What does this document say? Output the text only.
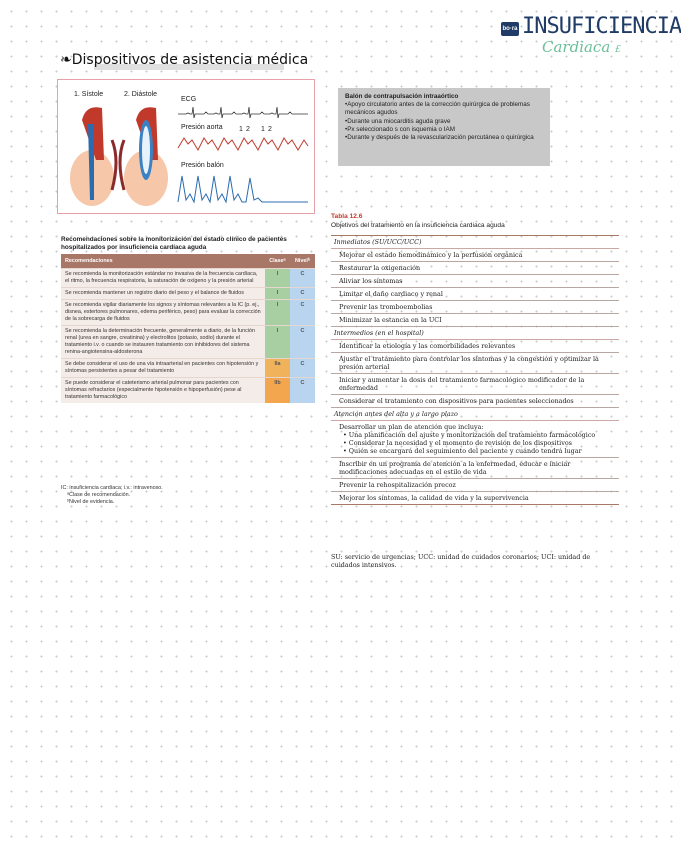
bo·ra INSUFICIENCIA
Cardiaca £
❧Dispositivos de asistencia médica
1. Sístole	2. Diástole
ECG
Presión aorta 1 2 1 2
Presión balón
Balón de contrapulsación intraaórtico
•Apoyo circulatorio antes de la corrección quirúrgica de problemas mecánicos agudos
•Durante una miocarditis aguda grave
•Px seleccionado s con isquemia o IAM
•Durante y después de la revascularización percutánea o quirúrgica
Recomendaciones sobre la monitorización del estado clínico de pacientes hospitalizados por insuficiencia cardíaca aguda
Recomendaciones	Claseᵃ	Nivelᵇ
Se recomienda la monitorización estándar no invasiva de la frecuencia cardíaca, el ritmo, la frecuencia respiratoria, la saturación de oxígeno y la presión arterial	I	C
Se recomienda mantener un registro diario del peso y el balance de fluidos	I	C
Se recomienda vigilar diariamente los signos y síntomas relevantes a la IC (p. ej., disnea, estertores pulmonares, edema periférico, peso) para evaluar la corrección de la sobrecarga de fluidos	I	C
Se recomienda la determinación frecuente, generalmente a diario, de la función renal (urea en sangre, creatinina) y electrolitos (potasio, sodio) durante el tratamiento i.v. o cuando se instauren tratamiento con inhibidores del sistema renina-angiotensina-aldosterona	I	C
Se debe considerar el uso de una vía intraarterial en pacientes con hipotensión y síntomas persistentes a pesar del tratamiento	IIa	C
Se puede considerar el cateterismo arterial pulmonar para pacientes con síntomas refractarios (especialmente hipotensión e hipoperfusión) pese al tratamiento farmacológico	IIb	C
IC: insuficiencia cardíaca; i.v.: intravenoso.
ᵃClase de recomendación.
ᵇNivel de evidencia.
Tabla 12.6
Objetivos del tratamiento en la insuficiencia cardiaca aguda
Inmediatos (SU/UCC/UCC)
Mejorar el estado hemodinámico y la perfusión orgánica
Restaurar la oxigenación
Aliviar los síntomas
Limitar el daño cardiaco y renal
Prevenir las tromboembolias
Minimizar la estancia en la UCI
Intermedios (en el hospital)
Identificar la etiología y las comorbilidades relevantes
Ajustar el tratamiento para controlar los síntomas y la congestión y optimizar la presión arterial
Iniciar y aumentar la dosis del tratamiento farmacológico modificador de la enfermedad
Considerar el tratamiento con dispositivos para pacientes seleccionados
Atención antes del alta y a largo plazo
Desarrollar un plan de atención que incluya:
• Una planificación del ajuste y monitorización del tratamiento farmacológico
• Considerar la necesidad y el momento de revisión de los dispositivos
• Quién se encargará del seguimiento del paciente y cuándo tendrá lugar
Inscribir en un programa de atención a la enfermedad, educar e iniciar modificaciones adecuadas en el estilo de vida
Prevenir la rehospitalización precoz
Mejorar los síntomas, la calidad de vida y la supervivencia
SU: servicio de urgencias; UCC: unidad de cuidados coronarios; UCI: unidad de cuidados intensivos.
